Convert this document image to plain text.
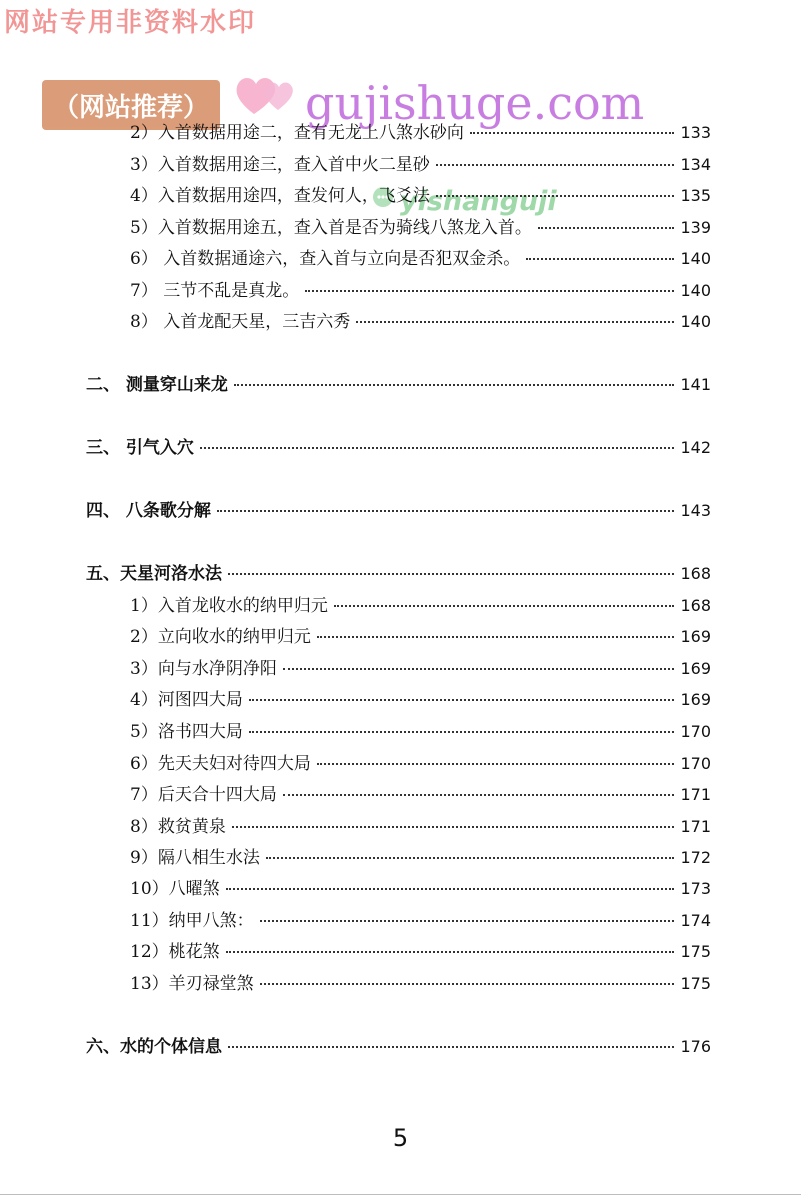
网站专用非资料水印
（网站推荐） gujishuge.com
yishanguji
2）入首数据用途二，查有无龙上八煞水砂向	133
3）入首数据用途三，查入首中火二星砂	134
4）入首数据用途四，查发何人，飞爻法	135
5）入首数据用途五，查入首是否为骑线八煞龙入首。	139
6） 入首数据通途六，查入首与立向是否犯双金杀。	140
7） 三节不乱是真龙。	140
8） 入首龙配天星，三吉六秀	140
二、 测量穿山来龙	141
三、 引气入穴	142
四、 八条歌分解	143
五、天星河洛水法	168
1）入首龙收水的纳甲归元	168
2）立向收水的纳甲归元	169
3）向与水净阴净阳	169
4）河图四大局	169
5）洛书四大局	170
6）先天夫妇对待四大局	170
7）后天合十四大局	171
8）救贫黄泉	171
9）隔八相生水法	172
10）八曜煞	173
11）纳甲八煞：	174
12）桃花煞	175
13）羊刃禄堂煞	175
六、水的个体信息	176
5
